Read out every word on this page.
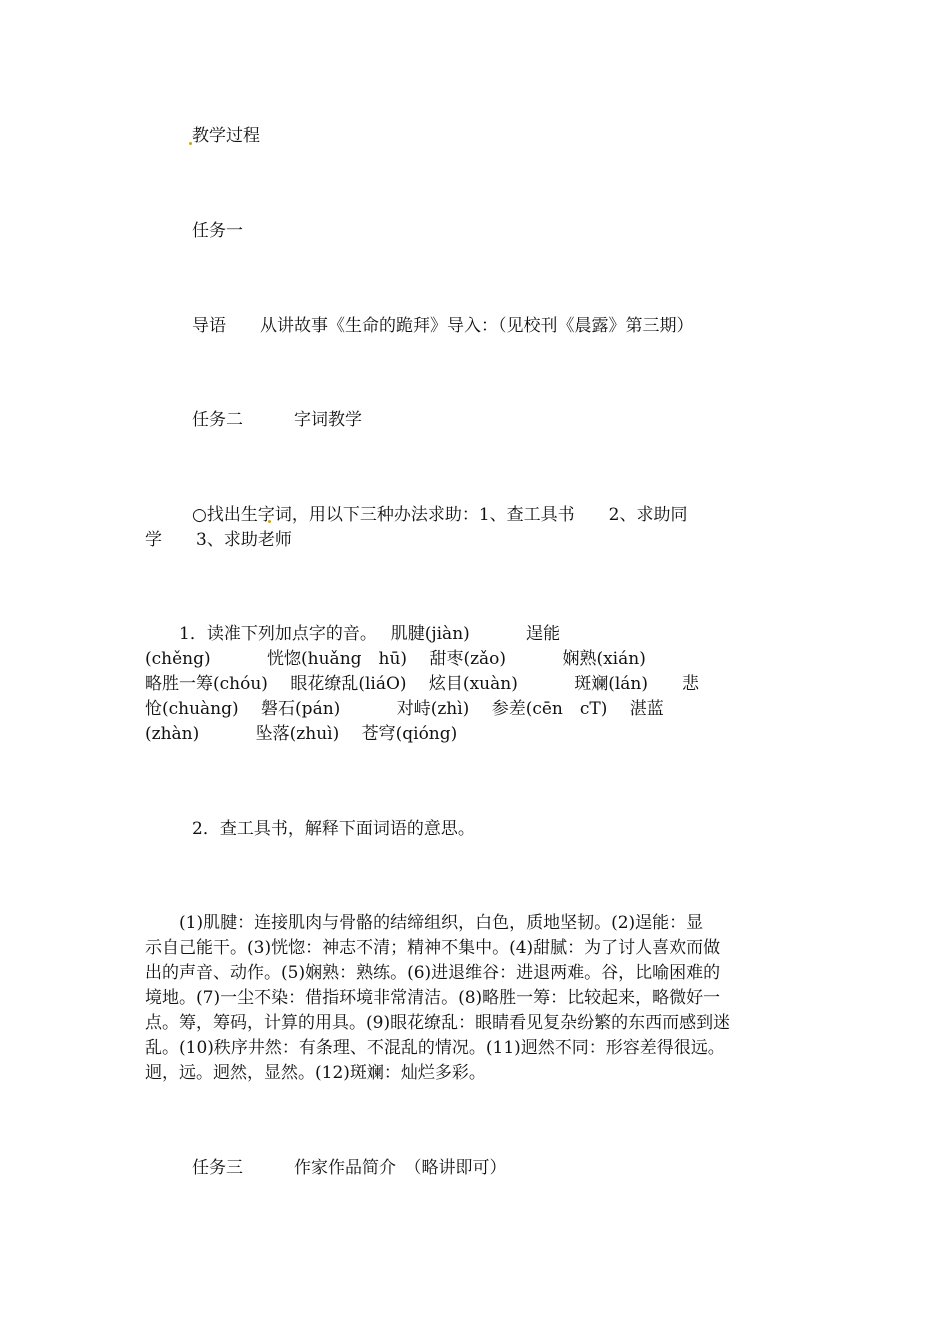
教学过程
任务一
导语　　从讲故事《生命的跪拜》导入：（见校刊《晨露》第三期）
任务二　　　字词教学
○找出生字词，用以下三种办法求助：1、查工具书　　2、求助同
学　　3、求助老师
　　1．读准下列加点字的音。　 肌腱(jiàn)　　　 逞能
(chěng)　　　 恍惚(huǎng　hū)　 甜枣(zǎo)　　　 娴熟(xián)
略胜一筹(chóu)　 眼花缭乱(liáO)　 炫目(xuàn)　　　 斑斓(lán)　　悲
怆(chuàng)　 磐石(pán)　　　 对峙(zhì)　 参差(cēn　cT)　 湛蓝
(zhàn)　　　 坠落(zhuì)　 苍穹(qióng)
2．查工具书，解释下面词语的意思。
　　(1)肌腱：连接肌肉与骨骼的结缔组织，白色，质地坚韧。(2)逞能：显
示自己能干。(3)恍惚：神志不清；精神不集中。(4)甜腻：为了讨人喜欢而做
出的声音、动作。(5)娴熟：熟练。(6)进退维谷：进退两难。谷，比喻困难的
境地。(7)一尘不染：借指环境非常清洁。(8)略胜一筹：比较起来，略微好一
点。筹，筹码，计算的用具。(9)眼花缭乱：眼睛看见复杂纷繁的东西而感到迷
乱。(10)秩序井然：有条理、不混乱的情况。(11)迥然不同：形容差得很远。
迥，远。迥然，显然。(12)斑斓：灿烂多彩。
任务三　　　作家作品简介　（略讲即可）
